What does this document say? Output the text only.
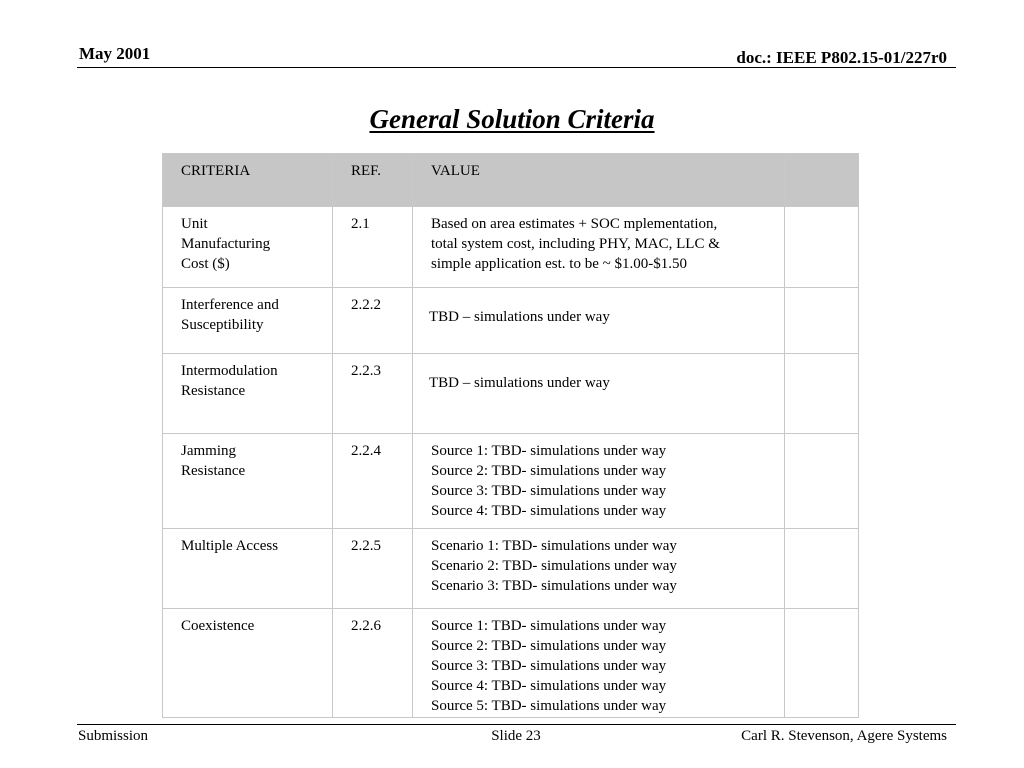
May 2001	doc.: IEEE P802.15-01/227r0
General Solution Criteria
CRITERIA	REF.	VALUE	

Unit
Manufacturing
Cost ($)	2.1	Based on area estimates + SOC mplementation,
total system cost, including PHY, MAC, LLC &
simple application est. to be ~ $1.00-$1.50	

Interference and
Susceptibility	2.2.2	TBD – simulations under way	

Intermodulation
Resistance	2.2.3	TBD – simulations under way	

Jamming
Resistance	2.2.4	Source 1: TBD- simulations under way
Source 2: TBD- simulations under way
Source 3: TBD- simulations under way
Source 4: TBD- simulations under way	

Multiple Access	2.2.5	Scenario 1: TBD- simulations under way
Scenario 2: TBD- simulations under way
Scenario 3: TBD- simulations under way	

Coexistence	2.2.6	Source 1: TBD- simulations under way
Source 2: TBD- simulations under way
Source 3: TBD- simulations under way
Source 4: TBD- simulations under way
Source 5: TBD- simulations under way	

Submission	Slide 23	Carl R. Stevenson, Agere Systems
